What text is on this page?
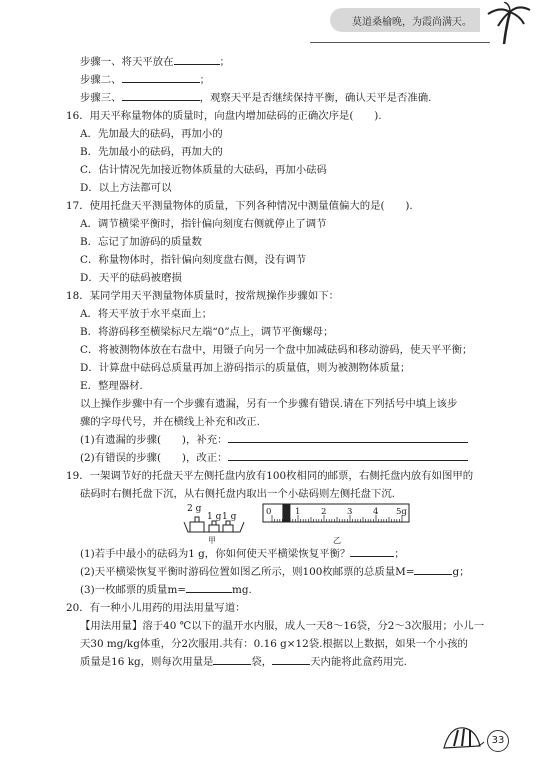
莫道桑榆晚，为霞尚满天。
步骤一、将天平放在	；
步骤二、	；
步骤三、	，观察天平是否继续保持平衡，确认天平是否准确.
16．用天平称量物体的质量时，向盘内增加砝码的正确次序是(　　).
A．先加最大的砝码，再加小的
B．先加最小的砝码，再加大的
C．估计情况先加接近物体质量的大砝码，再加小砝码
D．以上方法都可以
17．使用托盘天平测量物体的质量，下列各种情况中测量值偏大的是(　　).
A．调节横梁平衡时，指针偏向刻度右侧就停止了调节
B．忘记了加游码的质量数
C．称量物体时，指针偏向刻度盘右侧，没有调节
D．天平的砝码被磨损
18．某同学用天平测量物体质量时，按常规操作步骤如下：
A．将天平放于水平桌面上；
B．将游码移至横梁标尺左端“0”点上，调节平衡螺母；
C．将被测物体放在右盘中，用镊子向另一个盘中加减砝码和移动游码，使天平平衡；
D．计算盘中砝码总质量再加上游码指示的质量值，则为被测物体质量；
E．整理器材.
以上操作步骤中有一个步骤有遗漏，另有一个步骤有错误.请在下列括号中填上该步
骤的字母代号，并在横线上补充和改正.
(1)有遗漏的步骤(　　)，补充：
(2)有错误的步骤(　　)，改正：
19．一架调节好的托盘天平左侧托盘内放有100枚相同的邮票，右侧托盘内放有如图甲的
砝码时右侧托盘下沉，从右侧托盘内取出一个小砝码则左侧托盘下沉.
2 g
1 g 1 g
甲
0	1 2 3 4 5g
乙
(1)若手中最小的砝码为1 g，你如何使天平横梁恢复平衡？	；
(2)天平横梁恢复平衡时游码位置如图乙所示，则100枚邮票的总质量M=	g；
(3)一枚邮票的质量m=	mg.
20．有一种小儿用药的用法用量写道：
【用法用量】溶于40 ℃以下的温开水内服，成人一天8～16袋，分2～3次服用；小儿一
天30 mg/kg体重，分2次服用.共有：0.16 g×12袋.根据以上数据，如果一个小孩的
质量是16 kg，则每次用量是	袋，	天内能将此盒药用完.
33
